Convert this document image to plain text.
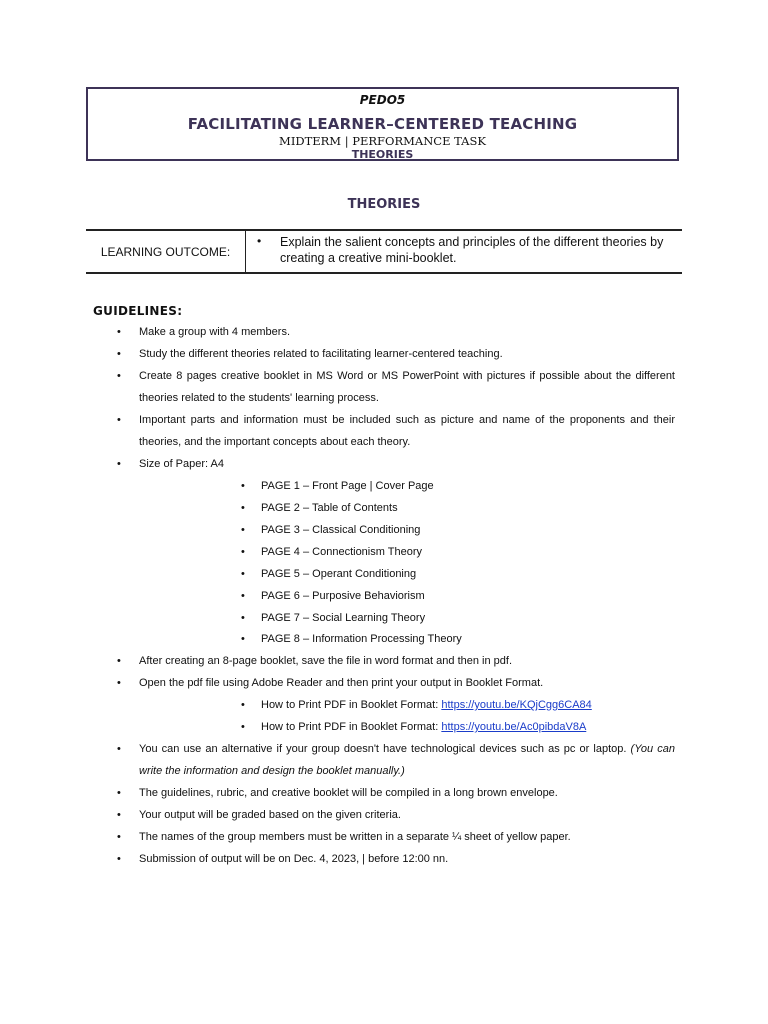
PEDO5
FACILITATING LEARNER–CENTERED TEACHING
MIDTERM | PERFORMANCE TASK
THEORIES
THEORIES
LEARNING OUTCOME:
• Explain the salient concepts and principles of the different theories by creating a creative mini-booklet.
GUIDELINES:
• Make a group with 4 members.
• Study the different theories related to facilitating learner-centered teaching.
• Create 8 pages creative booklet in MS Word or MS PowerPoint with pictures if possible about the different theories related to the students' learning process.
• Important parts and information must be included such as picture and name of the proponents and their theories, and the important concepts about each theory.
• Size of Paper: A4
• PAGE 1 – Front Page | Cover Page
• PAGE 2 – Table of Contents
• PAGE 3 – Classical Conditioning
• PAGE 4 – Connectionism Theory
• PAGE 5 – Operant Conditioning
• PAGE 6 – Purposive Behaviorism
• PAGE 7 – Social Learning Theory
• PAGE 8 – Information Processing Theory
• After creating an 8-page booklet, save the file in word format and then in pdf.
• Open the pdf file using Adobe Reader and then print your output in Booklet Format.
• How to Print PDF in Booklet Format: https://youtu.be/KQjCgg6CA84
• How to Print PDF in Booklet Format: https://youtu.be/Ac0pibdaV8A
• You can use an alternative if your group doesn't have technological devices such as pc or laptop. (You can write the information and design the booklet manually.)
• The guidelines, rubric, and creative booklet will be compiled in a long brown envelope.
• Your output will be graded based on the given criteria.
• The names of the group members must be written in a separate ¼ sheet of yellow paper.
• Submission of output will be on Dec. 4, 2023, | before 12:00 nn.
